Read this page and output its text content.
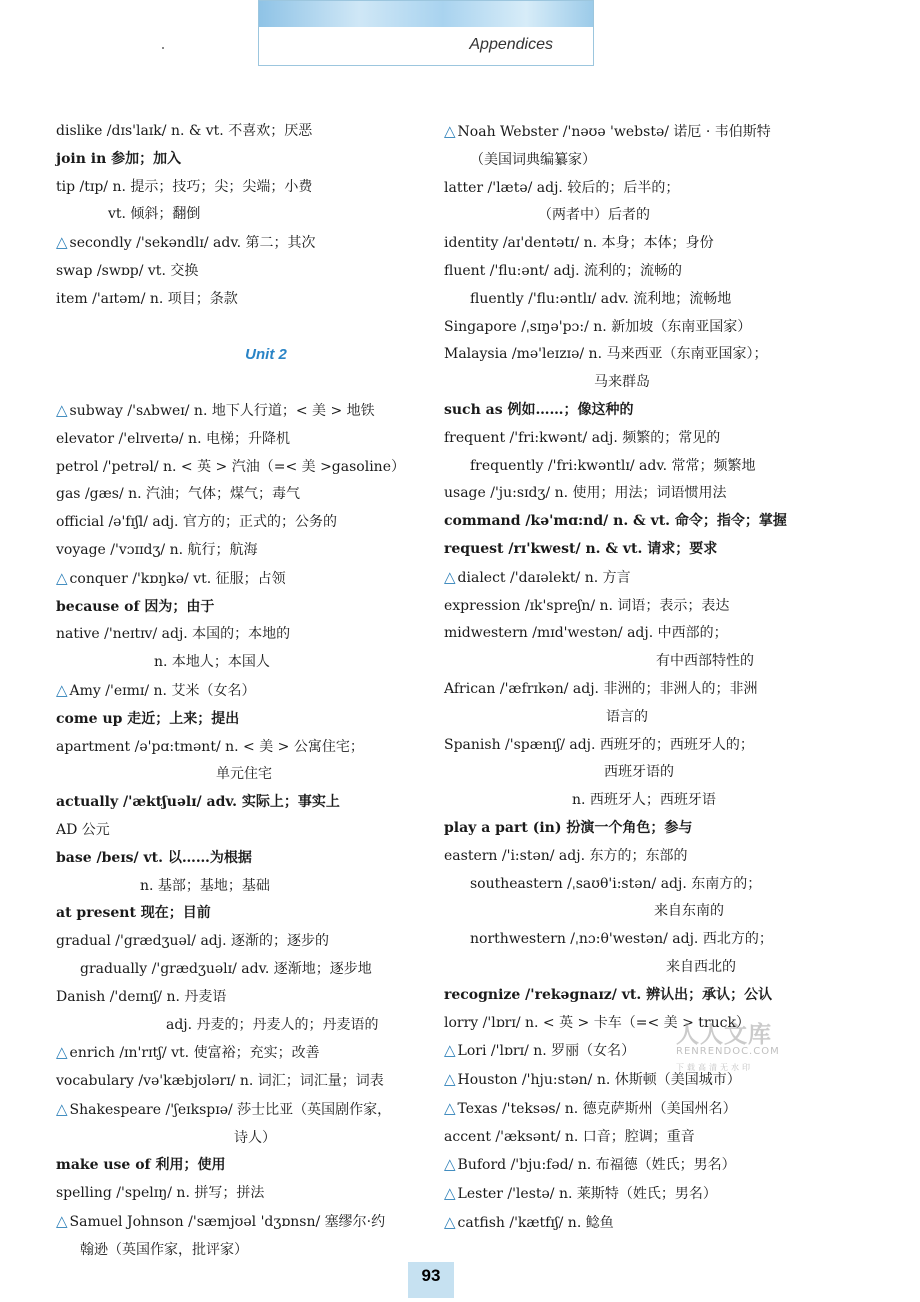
Appendices
dislike /dɪs'laɪk/ n. & vt. 不喜欢；厌恶
join in 参加；加入
tip /tɪp/ n. 提示；技巧；尖；尖端；小费
vt. 倾斜；翻倒
△ secondly /'sekəndlɪ/ adv. 第二；其次
swap /swɒp/ vt. 交换
item /'aɪtəm/ n. 项目；条款

Unit 2

△ subway /'sʌbweɪ/ n. 地下人行道；< 美 > 地铁
elevator /'elɪveɪtə/ n. 电梯；升降机
petrol /'petrəl/ n. < 英 > 汽油（=< 美 >gasoline）
gas /gæs/ n. 汽油；气体；煤气；毒气
official /ə'fɪʃl/ adj. 官方的；正式的；公务的
voyage /'vɔɪɪdʒ/ n. 航行；航海
△ conquer /'kɒŋkə/ vt. 征服；占领
because of 因为；由于
native /'neɪtɪv/ adj. 本国的；本地的
n. 本地人；本国人
△ Amy /'eɪmɪ/ n. 艾米（女名）
come up 走近；上来；提出
apartment /ə'pɑ:tmənt/ n. < 美 > 公寓住宅；
单元住宅
actually /'æktʃuəlɪ/ adv. 实际上；事实上
AD 公元
base /beɪs/ vt. 以……为根据
n. 基部；基地；基础
at present 现在；目前
gradual /'grædʒuəl/ adj. 逐渐的；逐步的
gradually /'grædʒuəlɪ/ adv. 逐渐地；逐步地
Danish /'deɪnɪʃ/ n. 丹麦语
adj. 丹麦的；丹麦人的；丹麦语的
△ enrich /ɪn'rɪtʃ/ vt. 使富裕；充实；改善
vocabulary /və'kæbjʊlərɪ/ n. 词汇；词汇量；词表
△ Shakespeare /'ʃeɪkspɪə/ 莎士比亚（英国剧作家，
诗人）
make use of 利用；使用
spelling /'spelɪŋ/ n. 拼写；拼法
△ Samuel Johnson /'sæmjʊəl 'dʒɒnsn/ 塞缪尔·约
翰逊（英国作家，批评家）
△ Noah Webster /'nəʊə 'webstə/ 诺厄 · 韦伯斯特
（美国词典编纂家）
latter /'lætə/ adj. 较后的；后半的；
（两者中）后者的
identity /aɪ'dentətɪ/ n. 本身；本体；身份
fluent /'flu:ənt/ adj. 流利的；流畅的
fluently /'flu:əntlɪ/ adv. 流利地；流畅地
Singapore /ˌsɪŋə'pɔ:/ n. 新加坡（东南亚国家）
Malaysia /mə'leɪzɪə/ n. 马来西亚（东南亚国家）；
马来群岛
such as 例如……；像这种的
frequent /'fri:kwənt/ adj. 频繁的；常见的
frequently /'fri:kwəntlɪ/ adv. 常常；频繁地
usage /'ju:sɪdʒ/ n. 使用；用法；词语惯用法
command /kə'mɑ:nd/ n. & vt. 命令；指令；掌握
request /rɪ'kwest/ n. & vt. 请求；要求
△ dialect /'daɪəlekt/ n. 方言
expression /ɪk'spreʃn/ n. 词语；表示；表达
midwestern /mɪd'westən/ adj. 中西部的；
有中西部特性的
African /'æfrɪkən/ adj. 非洲的；非洲人的；非洲
语言的
Spanish /'spænɪʃ/ adj. 西班牙的；西班牙人的；
西班牙语的
n. 西班牙人；西班牙语
play a part (in) 扮演一个角色；参与
eastern /'i:stən/ adj. 东方的；东部的
southeastern /ˌsaʊθ'i:stən/ adj. 东南方的；
来自东南的
northwestern /ˌnɔ:θ'westən/ adj. 西北方的；
来自西北的
recognize /'rekəgnaɪz/ vt. 辨认出；承认；公认
lorry /'lɒrɪ/ n. < 英 > 卡车（=< 美 > truck）
△ Lori /'lɒrɪ/ n. 罗丽（女名）
△ Houston /'hju:stən/ n. 休斯顿（美国城市）
△ Texas /'teksəs/ n. 德克萨斯州（美国州名）
accent /'æksənt/ n. 口音；腔调；重音
△ Buford /'bju:fəd/ n. 布福德（姓氏；男名）
△ Lester /'lestə/ n. 莱斯特（姓氏；男名）
△ catfish /'kætfɪʃ/ n. 鲶鱼
人人文库
RENRENDOC.COM
下载高清无水印
93
